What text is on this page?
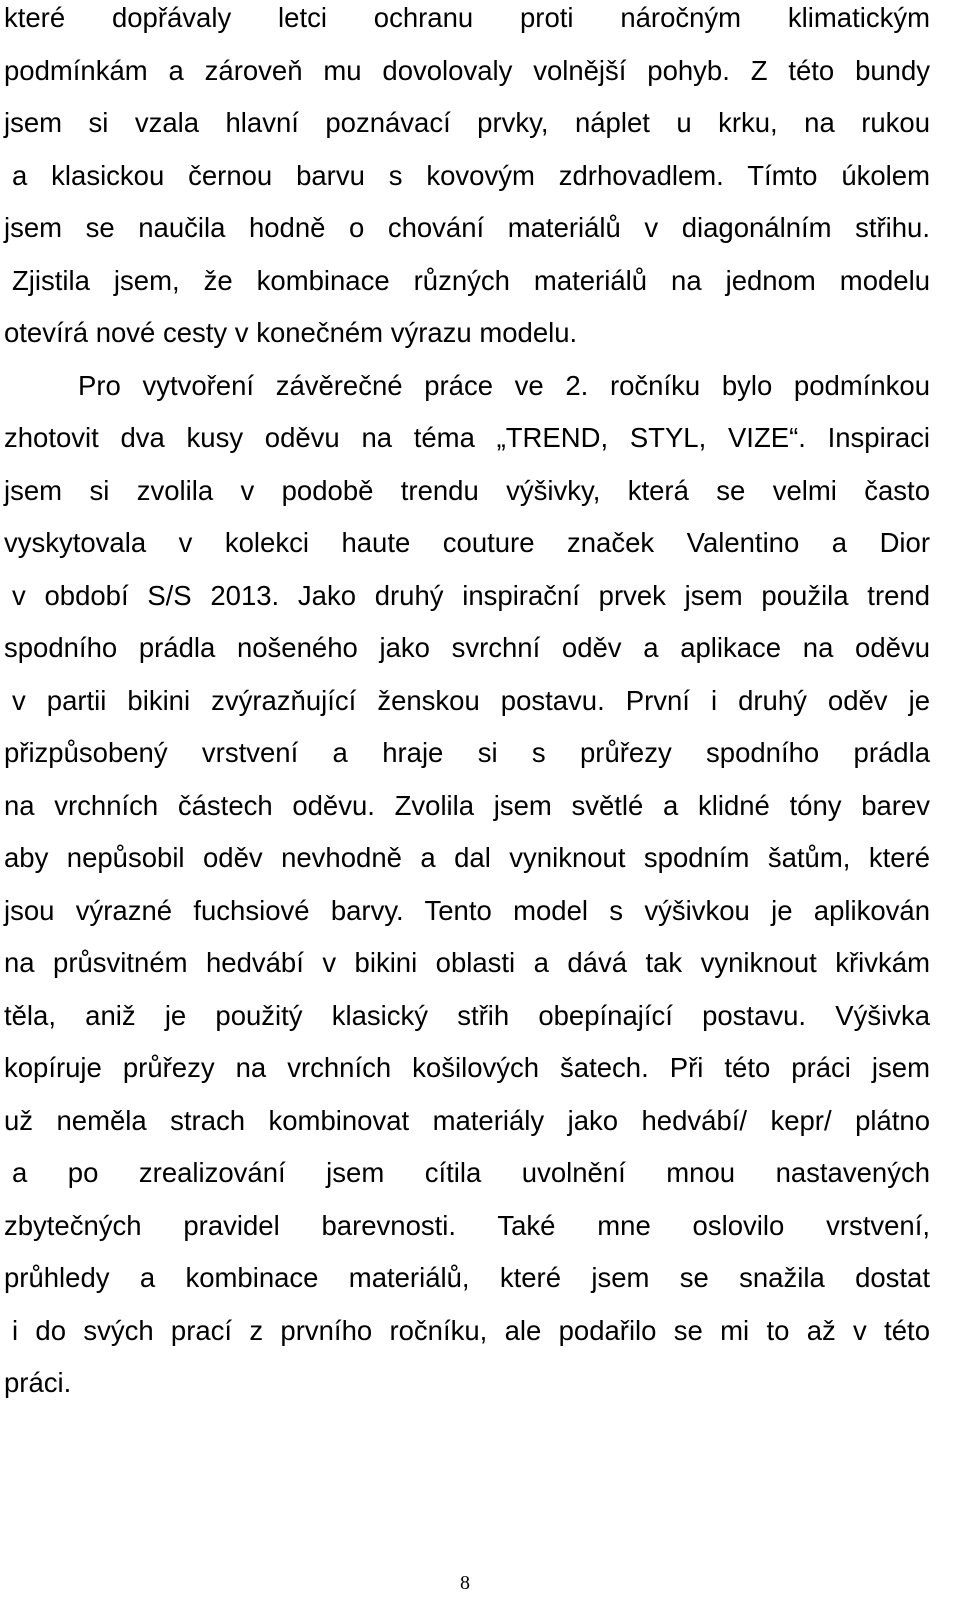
které dopřávaly letci ochranu proti náročným klimatickým
podmínkám a zároveň mu dovolovaly volnější pohyb. Z této bundy
jsem si vzala hlavní poznávací prvky, náplet u krku, na rukou
a klasickou černou barvu s kovovým zdrhovadlem. Tímto úkolem
jsem se naučila hodně o chování materiálů v diagonálním střihu.
Zjistila jsem, že kombinace různých materiálů na jednom modelu
otevírá nové cesty v konečném výrazu modelu.
Pro vytvoření závěrečné práce ve 2. ročníku bylo podmínkou
zhotovit dva kusy oděvu na téma „TREND, STYL, VIZE“. Inspiraci
jsem si zvolila v podobě trendu výšivky, která se velmi často
vyskytovala v kolekci haute couture značek Valentino a Dior
v období S/S 2013. Jako druhý inspirační prvek jsem použila trend
spodního prádla nošeného jako svrchní oděv a aplikace na oděvu
v partii bikini zvýrazňující ženskou postavu. První i druhý oděv je
přizpůsobený vrstvení a hraje si s průřezy spodního prádla
na vrchních částech oděvu. Zvolila jsem světlé a klidné tóny barev
aby nepůsobil oděv nevhodně a dal vyniknout spodním šatům, které
jsou výrazné fuchsiové barvy. Tento model s výšivkou je aplikován
na průsvitném hedvábí v bikini oblasti a dává tak vyniknout křivkám
těla, aniž je použitý klasický střih obepínající postavu. Výšivka
kopíruje průřezy na vrchních košilových šatech. Při této práci jsem
už neměla strach kombinovat materiály jako hedvábí/ kepr/ plátno
a po zrealizování jsem cítila uvolnění mnou nastavených
zbytečných pravidel barevnosti. Také mne oslovilo vrstvení,
průhledy a kombinace materiálů, které jsem se snažila dostat
i do svých prací z prvního ročníku, ale podařilo se mi to až v této
práci.
8
